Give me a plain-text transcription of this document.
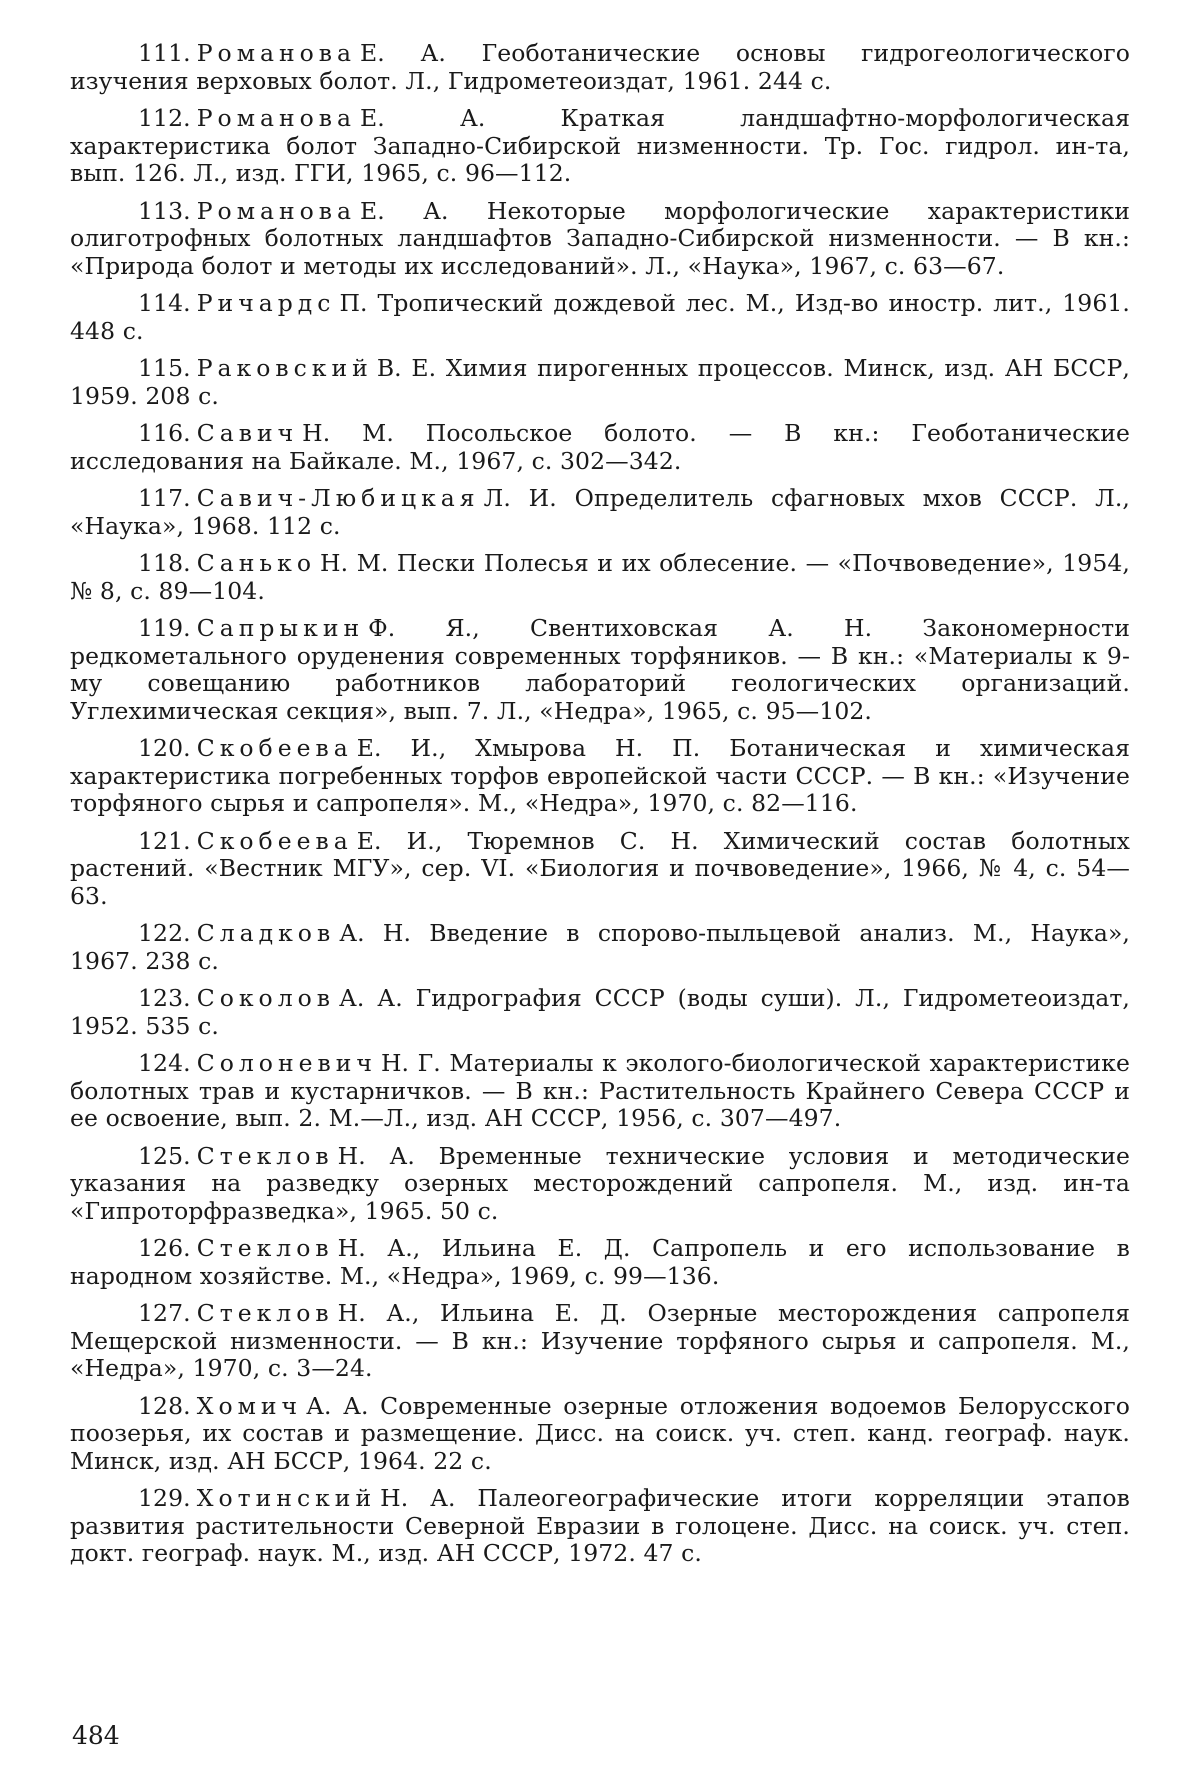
111. Романова Е. А. Геоботанические основы гидрогеологического изучения верховых болот. Л., Гидрометеоиздат, 1961. 244 с.
112. Романова Е. А. Краткая ландшафтно-морфологическая характеристика болот Западно-Сибирской низменности. Тр. Гос. гидрол. ин-та, вып. 126. Л., изд. ГГИ, 1965, с. 96—112.
113. Романова Е. А. Некоторые морфологические характеристики олиготрофных болотных ландшафтов Западно-Сибирской низменности. — В кн.: «Природа болот и методы их исследований». Л., «Наука», 1967, с. 63—67.
114. Ричардс П. Тропический дождевой лес. М., Изд-во иностр. лит., 1961. 448 с.
115. Раковский В. Е. Химия пирогенных процессов. Минск, изд. АН БССР, 1959. 208 с.
116. Савич Н. М. Посольское болото. — В кн.: Геоботанические исследования на Байкале. М., 1967, с. 302—342.
117. Савич-Любицкая Л. И. Определитель сфагновых мхов СССР. Л., «Наука», 1968. 112 с.
118. Санько Н. М. Пески Полесья и их облесение. — «Почвоведение», 1954, № 8, с. 89—104.
119. Сапрыкин Ф. Я., Свентиховская А. Н. Закономерности редкометального оруденения современных торфяников. — В кн.: «Материалы к 9-му совещанию работников лабораторий геологических организаций. Углехимическая секция», вып. 7. Л., «Недра», 1965, с. 95—102.
120. Скобеева Е. И., Хмырова Н. П. Ботаническая и химическая характеристика погребенных торфов европейской части СССР. — В кн.: «Изучение торфяного сырья и сапропеля». М., «Недра», 1970, с. 82—116.
121. Скобеева Е. И., Тюремнов С. Н. Химический состав болотных растений. «Вестник МГУ», сер. VI. «Биология и почвоведение», 1966, № 4, с. 54—63.
122. Сладков А. Н. Введение в спорово-пыльцевой анализ. М., Наука», 1967. 238 с.
123. Соколов А. А. Гидрография СССР (воды суши). Л., Гидрометеоиздат, 1952. 535 с.
124. Солоневич Н. Г. Материалы к эколого-биологической характеристике болотных трав и кустарничков. — В кн.: Растительность Крайнего Севера СССР и ее освоение, вып. 2. М.—Л., изд. АН СССР, 1956, с. 307—497.
125. Стеклов Н. А. Временные технические условия и методические указания на разведку озерных месторождений сапропеля. М., изд. ин-та «Гипроторфразведка», 1965. 50 с.
126. Стеклов Н. А., Ильина Е. Д. Сапропель и его использование в народном хозяйстве. М., «Недра», 1969, с. 99—136.
127. Стеклов Н. А., Ильина Е. Д. Озерные месторождения сапропеля Мещерской низменности. — В кн.: Изучение торфяного сырья и сапропеля. М., «Недра», 1970, с. 3—24.
128. Хомич А. А. Современные озерные отложения водоемов Белорусского поозерья, их состав и размещение. Дисс. на соиск. уч. степ. канд. географ. наук. Минск, изд. АН БССР, 1964. 22 с.
129. Хотинский Н. А. Палеогеографические итоги корреляции этапов развития растительности Северной Евразии в голоцене. Дисс. на соиск. уч. степ. докт. географ. наук. М., изд. АН СССР, 1972. 47 с.
484
